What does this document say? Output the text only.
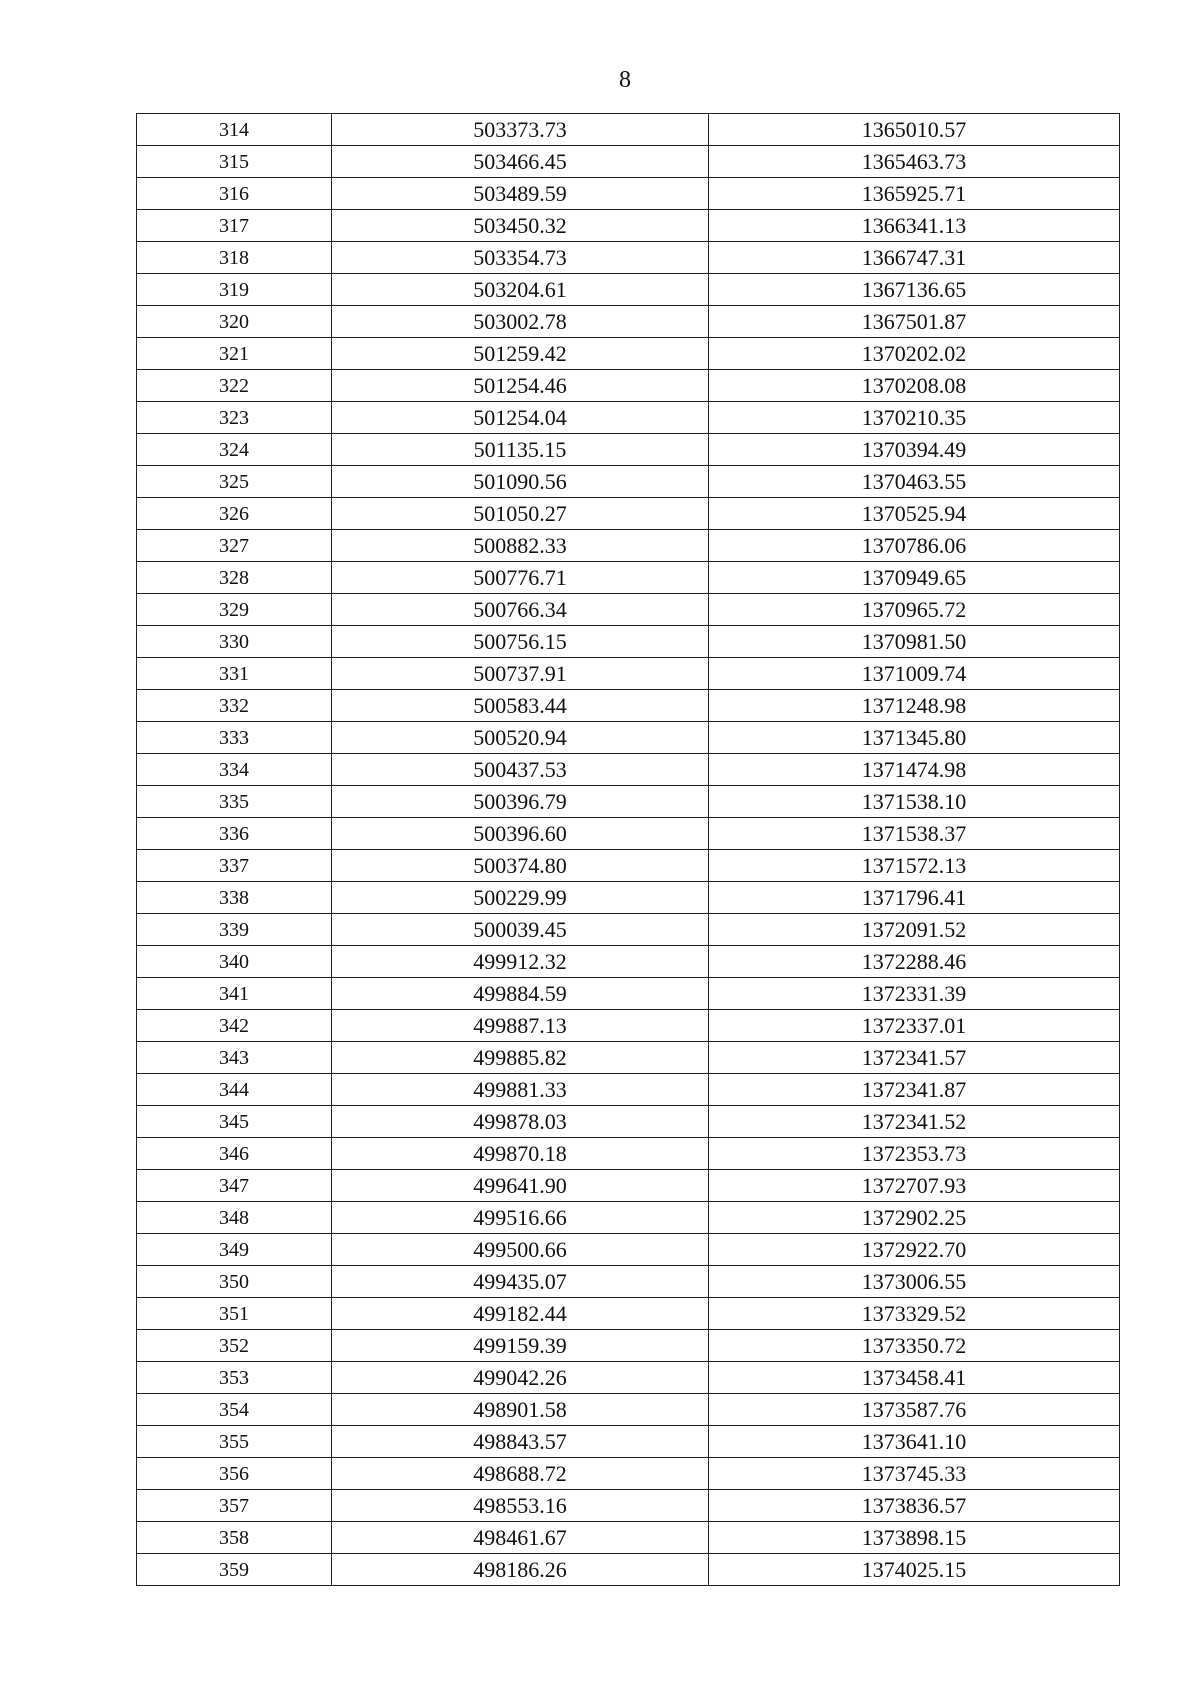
8
314	503373.73	1365010.57
315	503466.45	1365463.73
316	503489.59	1365925.71
317	503450.32	1366341.13
318	503354.73	1366747.31
319	503204.61	1367136.65
320	503002.78	1367501.87
321	501259.42	1370202.02
322	501254.46	1370208.08
323	501254.04	1370210.35
324	501135.15	1370394.49
325	501090.56	1370463.55
326	501050.27	1370525.94
327	500882.33	1370786.06
328	500776.71	1370949.65
329	500766.34	1370965.72
330	500756.15	1370981.50
331	500737.91	1371009.74
332	500583.44	1371248.98
333	500520.94	1371345.80
334	500437.53	1371474.98
335	500396.79	1371538.10
336	500396.60	1371538.37
337	500374.80	1371572.13
338	500229.99	1371796.41
339	500039.45	1372091.52
340	499912.32	1372288.46
341	499884.59	1372331.39
342	499887.13	1372337.01
343	499885.82	1372341.57
344	499881.33	1372341.87
345	499878.03	1372341.52
346	499870.18	1372353.73
347	499641.90	1372707.93
348	499516.66	1372902.25
349	499500.66	1372922.70
350	499435.07	1373006.55
351	499182.44	1373329.52
352	499159.39	1373350.72
353	499042.26	1373458.41
354	498901.58	1373587.76
355	498843.57	1373641.10
356	498688.72	1373745.33
357	498553.16	1373836.57
358	498461.67	1373898.15
359	498186.26	1374025.15
